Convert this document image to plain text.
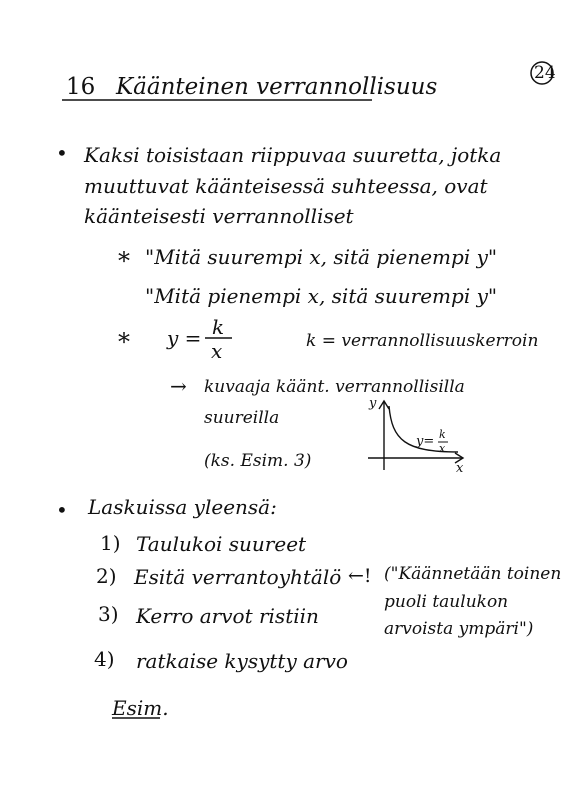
24
16 Käänteinen verrannollisuus
• Kaksi toisistaan riippuvaa suuretta, jotka
muuttuvat käänteisessä suhteessa, ovat
käänteisesti verrannolliset
* "Mitä suurempi x, sitä pienempi y"
"Mitä pienempi x, sitä suurempi y"
* y = k
x	k = verrannollisuuskerroin
→ kuvaaja käänt. verrannollisilla
suureilla
(ks. Esim. 3)
y
x
y= k
x
• Laskuissa yleensä:
1) Taulukoi suureet
2) Esitä verrantoyhtälö
3) Kerro arvot ristiin
4) ratkaise kysytty arvo
←! ("Käännetään toinen
puoli taulukon
arvoista ympäri")
Esim.
